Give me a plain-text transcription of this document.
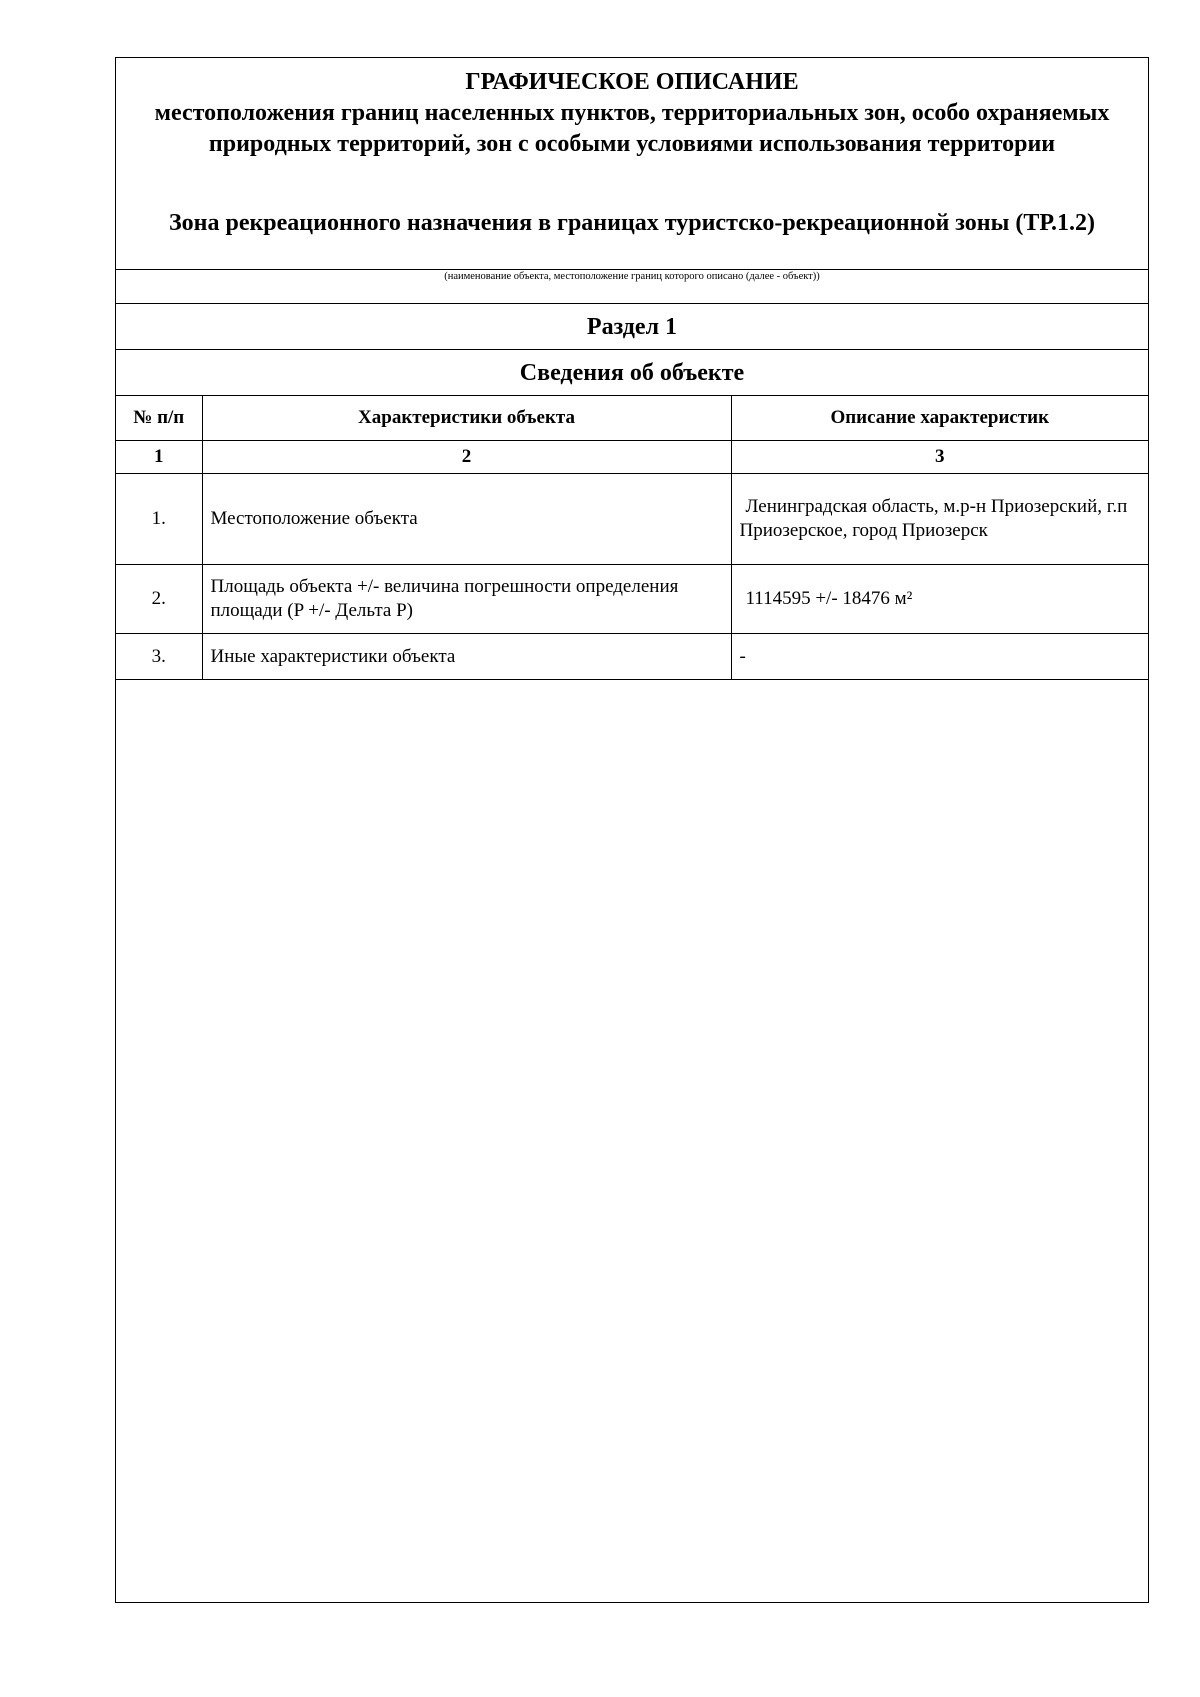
ГРАФИЧЕСКОЕ ОПИСАНИЕ
местоположения границ населенных пунктов, территориальных зон, особо охраняемых природных территорий, зон с особыми условиями использования территории
Зона рекреационного назначения в границах туристско-рекреационной зоны (ТР.1.2)
(наименование объекта, местоположение границ которого описано (далее - объект))
Раздел 1
Сведения об объекте
№ п/п	Характеристики объекта	Описание характеристик
1	2	3
1.	Местоположение объекта	Ленинградская область, м.р-н Приозерский, г.п Приозерское, город Приозерск
2.	Площадь объекта +/- величина погрешности определения площади (P +/- Дельта P)	1114595 +/- 18476 м²
3.	Иные характеристики объекта	-
